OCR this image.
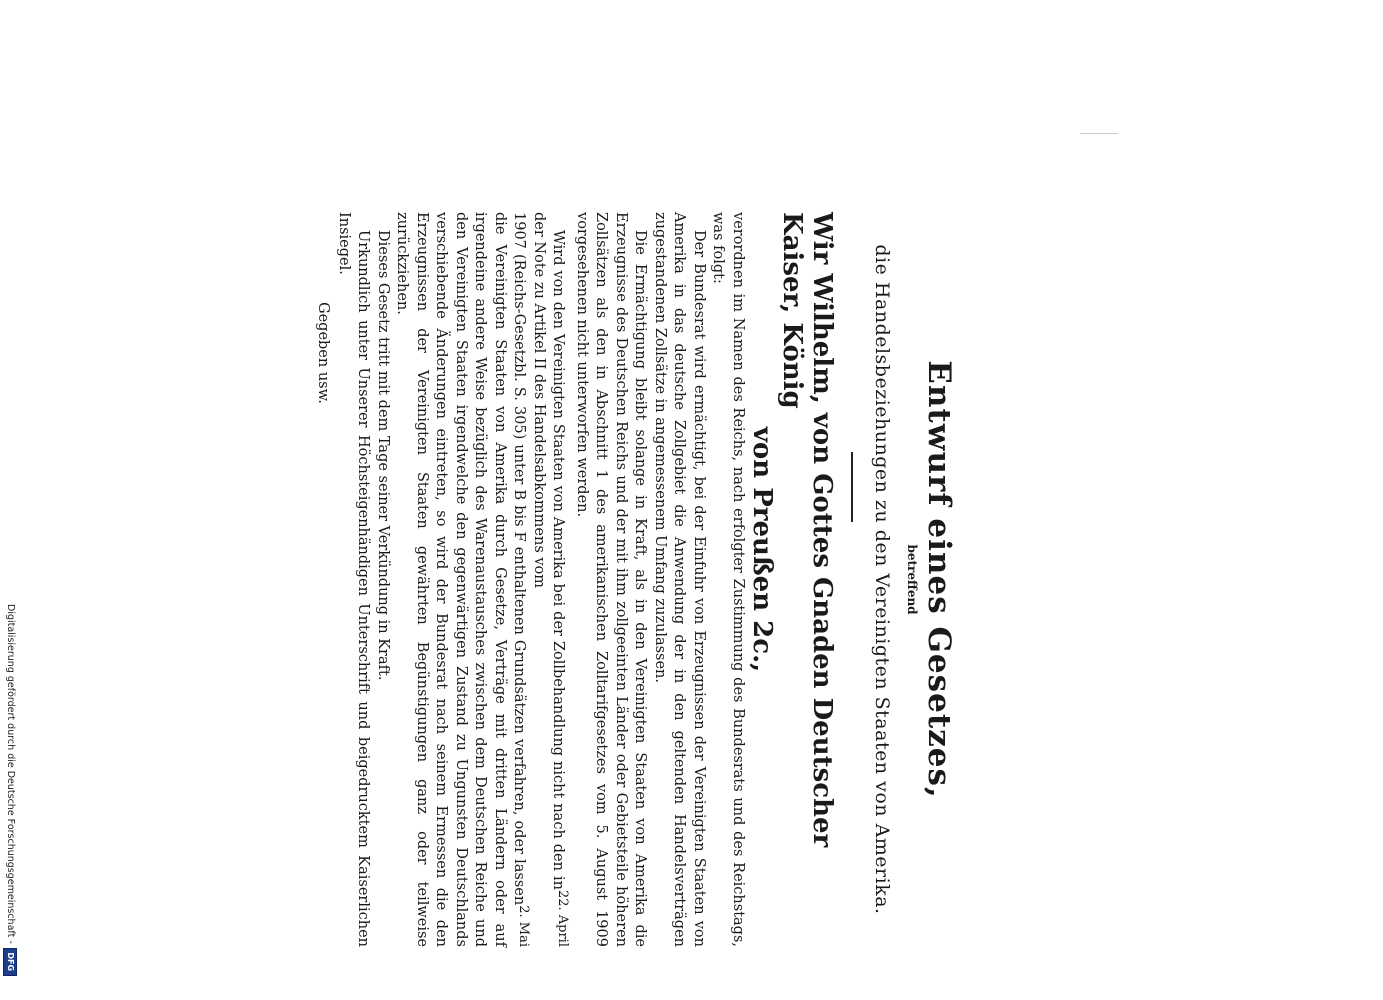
Entwurf eines Gesetzes,
betreffend
die Handelsbeziehungen zu den Vereinigten Staaten von Amerika.
Wir Wilhelm, von Gottes Gnaden Deutscher Kaiser, König
von Preußen 2c.,

verordnen im Namen des Reichs, nach erfolgter Zustimmung des Bundesrats und des Reichstags, was folgt:

Der Bundesrat wird ermächtigt, bei der Einfuhr von Erzeugnissen der Vereinigten Staaten von Amerika in das deutsche Zollgebiet die Anwendung der in den geltenden Handelsverträgen zugestandenen Zollsätze in angemessenem Umfang zuzulassen.

Die Ermächtigung bleibt solange in Kraft, als in den Vereinigten Staaten von Amerika die Erzeugnisse des Deutschen Reichs und der mit ihm zollgeeinten Länder oder Gebietsteile höheren Zollsätzen als den in Abschnitt 1 des amerikanischen Zolltarifgesetzes vom 5. August 1909 vorgesehenen nicht unterworfen werden.

22. April

Wird von den Vereinigten Staaten von Amerika bei der Zollbehandlung nicht nach den in der Note zu Artikel II des Handelsabkommens vom

2. Mai

1907 (Reichs-Gesetzbl. S. 305) unter B bis F enthaltenen Grundsätzen verfahren, oder lassen die Vereinigten Staaten von Amerika durch Gesetze, Verträge mit dritten Ländern oder auf irgendeine andere Weise bezüglich des Warenaustausches zwischen dem Deutschen Reiche und den Vereinigten Staaten irgendwelche den gegenwärtigen Zustand zu Ungunsten Deutschlands verschiebende Änderungen eintreten, so wird der Bundesrat nach seinem Ermessen die den Erzeugnissen der Vereinigten Staaten gewährten Begünstigungen ganz oder teilweise zurückziehen.

Dieses Gesetz tritt mit dem Tage seiner Verkündung in Kraft.

Urkundlich unter Unserer Höchsteigenhändigen Unterschrift und beigedrucktem Kaiserlichen Insiegel.

Gegeben usw.
Digitalisierung gefördert durch die Deutsche Forschungsgemeinschaft -
DFG
